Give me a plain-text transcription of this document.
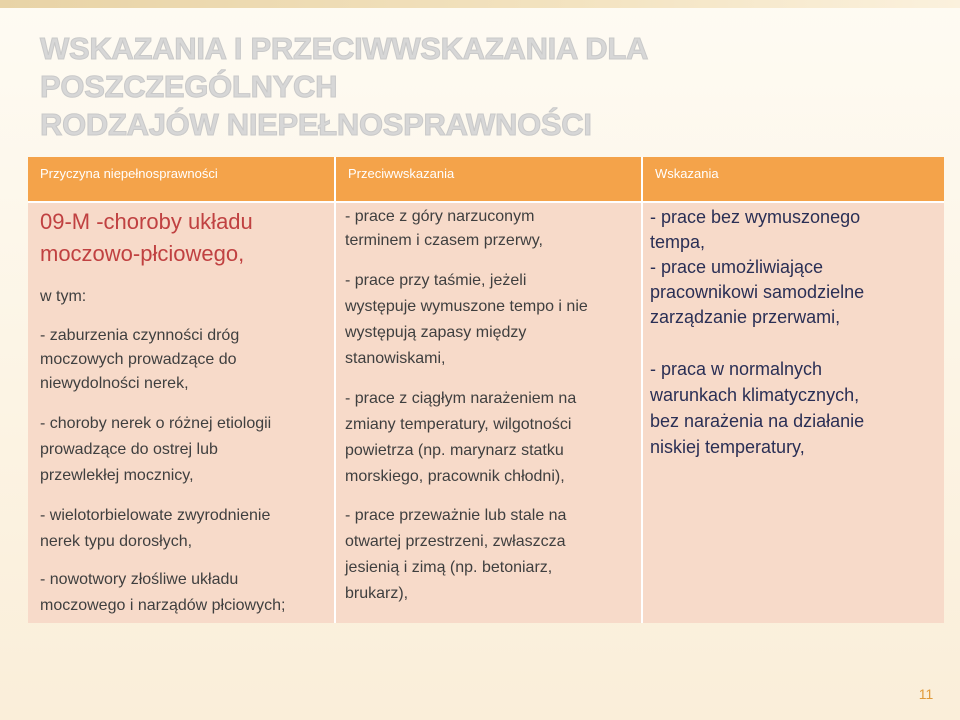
WSKAZANIA I PRZECIWWSKAZANIA DLA POSZCZEGÓLNYCH
RODZAJÓW NIEPEŁNOSPRAWNOŚCI
Przyczyna niepełnosprawności	Przeciwwskazania	Wskazania
09-M -choroby układu
moczowo-płciowego,
w tym:
- zaburzenia czynności dróg
moczowych prowadzące do
niewydolności nerek,
- choroby nerek o różnej etiologii
prowadzące do ostrej lub
przewlekłej mocznicy,
- wielotorbielowate zwyrodnienie
nerek typu dorosłych,
- nowotwory złośliwe układu
moczowego i narządów płciowych;
- prace z góry narzuconym
terminem i czasem przerwy,
- prace przy taśmie, jeżeli
występuje wymuszone tempo i nie
występują zapasy między
stanowiskami,
- prace z ciągłym narażeniem na
zmiany temperatury, wilgotności
powietrza (np. marynarz statku
morskiego, pracownik chłodni),
- prace przeważnie lub stale na
otwartej przestrzeni, zwłaszcza
jesienią i zimą (np. betoniarz,
brukarz),
- prace bez wymuszonego
tempa,
- prace umożliwiające
pracownikowi samodzielne
zarządzanie przerwami,
- praca w normalnych
warunkach klimatycznych,
bez narażenia na działanie
niskiej temperatury,
11
